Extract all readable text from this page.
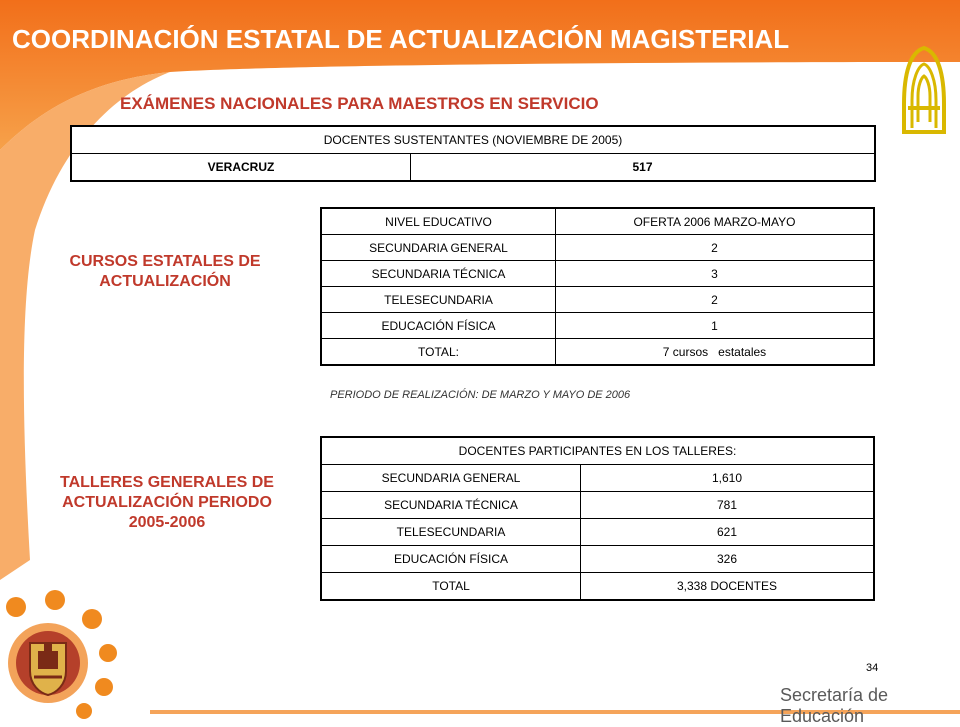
COORDINACIÓN ESTATAL DE ACTUALIZACIÓN MAGISTERIAL
EXÁMENES NACIONALES PARA MAESTROS EN SERVICIO
DOCENTES SUSTENTANTES (NOVIEMBRE DE 2005)
VERACRUZ	517
CURSOS ESTATALES DE
ACTUALIZACIÓN
NIVEL EDUCATIVO	OFERTA 2006 MARZO-MAYO
SECUNDARIA GENERAL	2
SECUNDARIA TÉCNICA	3
TELESECUNDARIA	2
EDUCACIÓN FÍSICA	1
TOTAL:	7 cursos   estatales
PERIODO DE REALIZACIÓN: DE MARZO Y MAYO DE 2006
TALLERES GENERALES DE
ACTUALIZACIÓN PERIODO
2005-2006
DOCENTES PARTICIPANTES EN LOS TALLERES:	
SECUNDARIA GENERAL	1,610
SECUNDARIA TÉCNICA	781
TELESECUNDARIA	621
EDUCACIÓN FÍSICA	326
TOTAL	3,338 DOCENTES
34
Secretaría de Educación
